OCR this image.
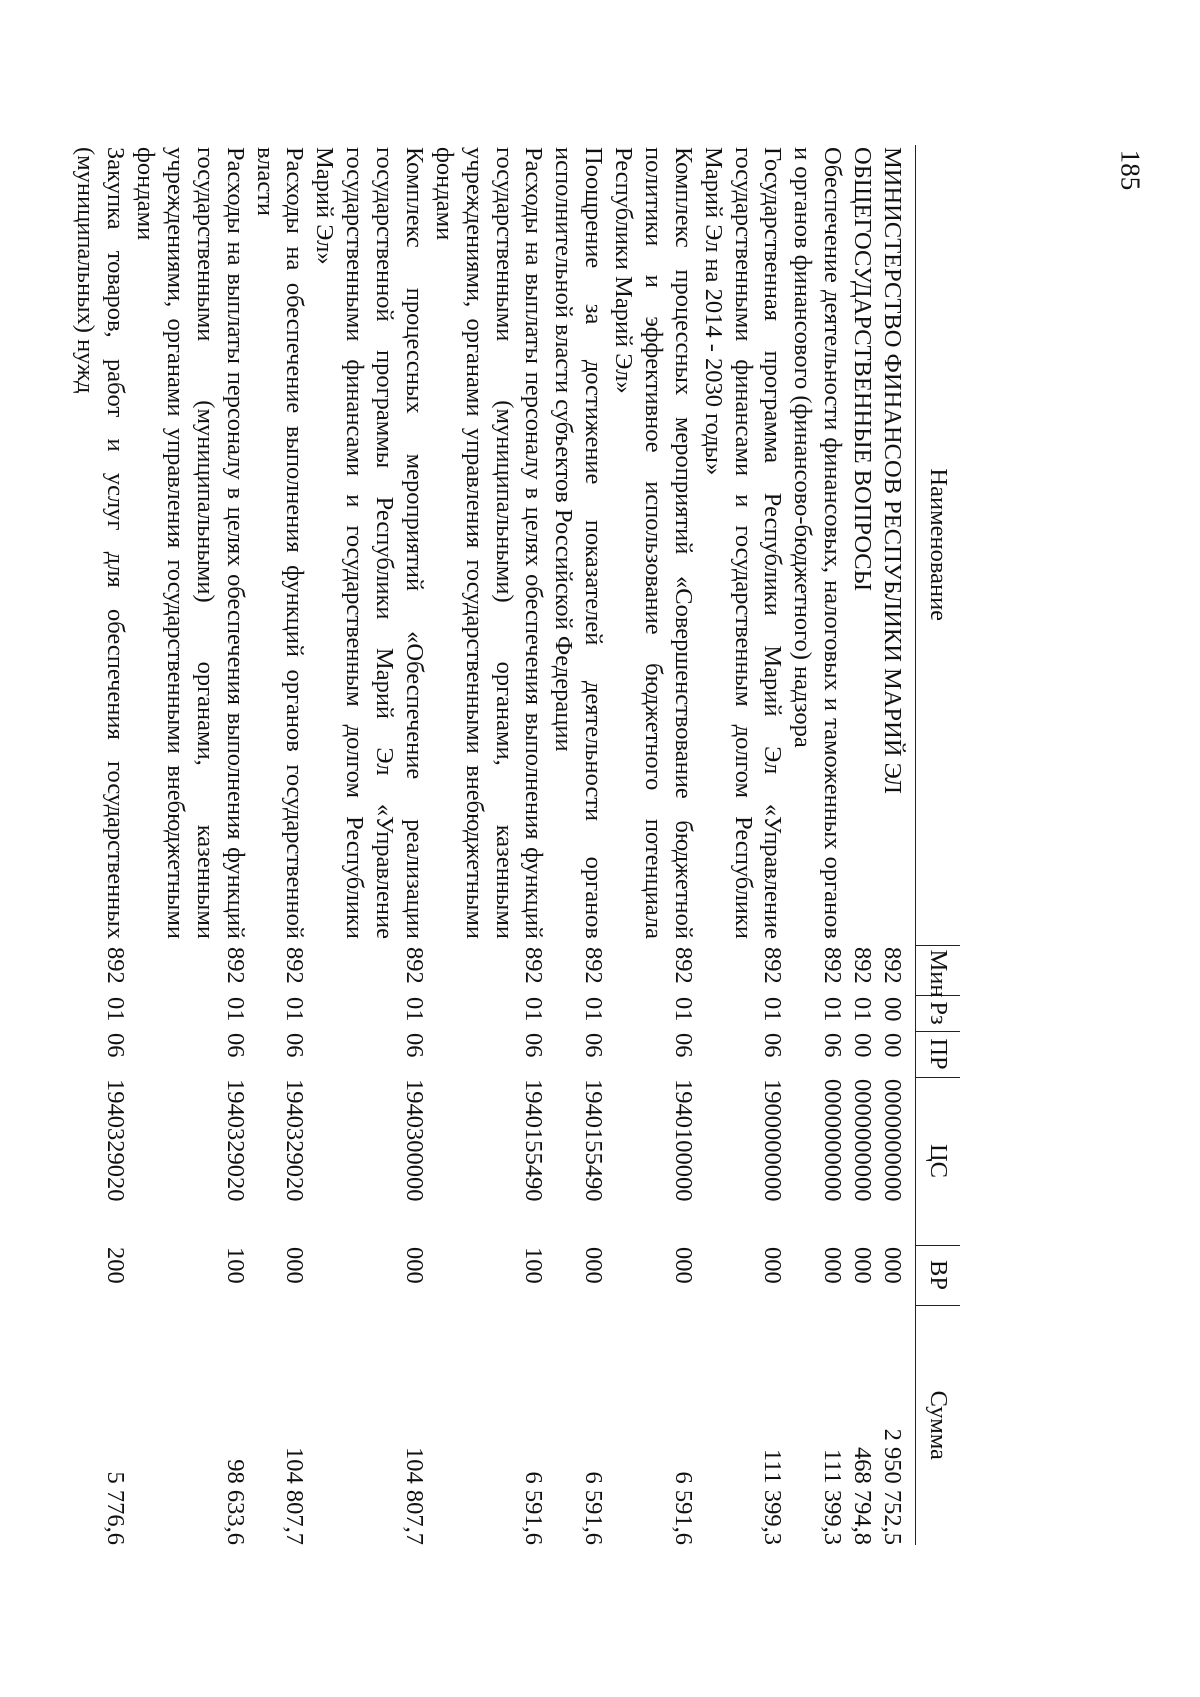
185
Наименование	Мин	Рз	ПР	ЦС	ВР	Сумма
МИНИСТЕРСТВО ФИНАНСОВ РЕСПУБЛИКИ МАРИЙ ЭЛ	892	00	00	0000000000	000	2 950 752,5
ОБЩЕГОСУДАРСТВЕННЫЕ ВОПРОСЫ	892	01	00	0000000000	000	468 794,8
Обеспечение деятельности финансовых, налоговых и таможенных органов и органов финансового (финансово-бюджетного) надзора	892	01	06	0000000000	000	111 399,3
Государственная программа Республики Марий Эл «Управление государственными финансами и государственным долгом Республики Марий Эл на 2014 - 2030 годы»	892	01	06	1900000000	000	111 399,3
Комплекс процессных мероприятий «Совершенствование бюджетной политики и эффективное использование бюджетного потенциала Республики Марий Эл»	892	01	06	1940100000	000	6 591,6
Поощрение за достижение показателей деятельности органов исполнительной власти субъектов Российской Федерации	892	01	06	1940155490	000	6 591,6
Расходы на выплаты персоналу в целях обеспечения выполнения функций государственными (муниципальными) органами, казенными учреждениями, органами управления государственными внебюджетными фондами	892	01	06	1940155490	100	6 591,6
Комплекс процессных мероприятий «Обеспечение реализации государственной программы Республики Марий Эл «Управление государственными финансами и государственным долгом Республики Марий Эл»	892	01	06	1940300000	000	104 807,7
Расходы на обеспечение выполнения функций органов государственной власти	892	01	06	1940329020	000	104 807,7
Расходы на выплаты персоналу в целях обеспечения выполнения функций государственными (муниципальными) органами, казенными учреждениями, органами управления государственными внебюджетными фондами	892	01	06	1940329020	100	98 633,6
Закупка товаров, работ и услуг для обеспечения государственных (муниципальных) нужд	892	01	06	1940329020	200	5 776,6
